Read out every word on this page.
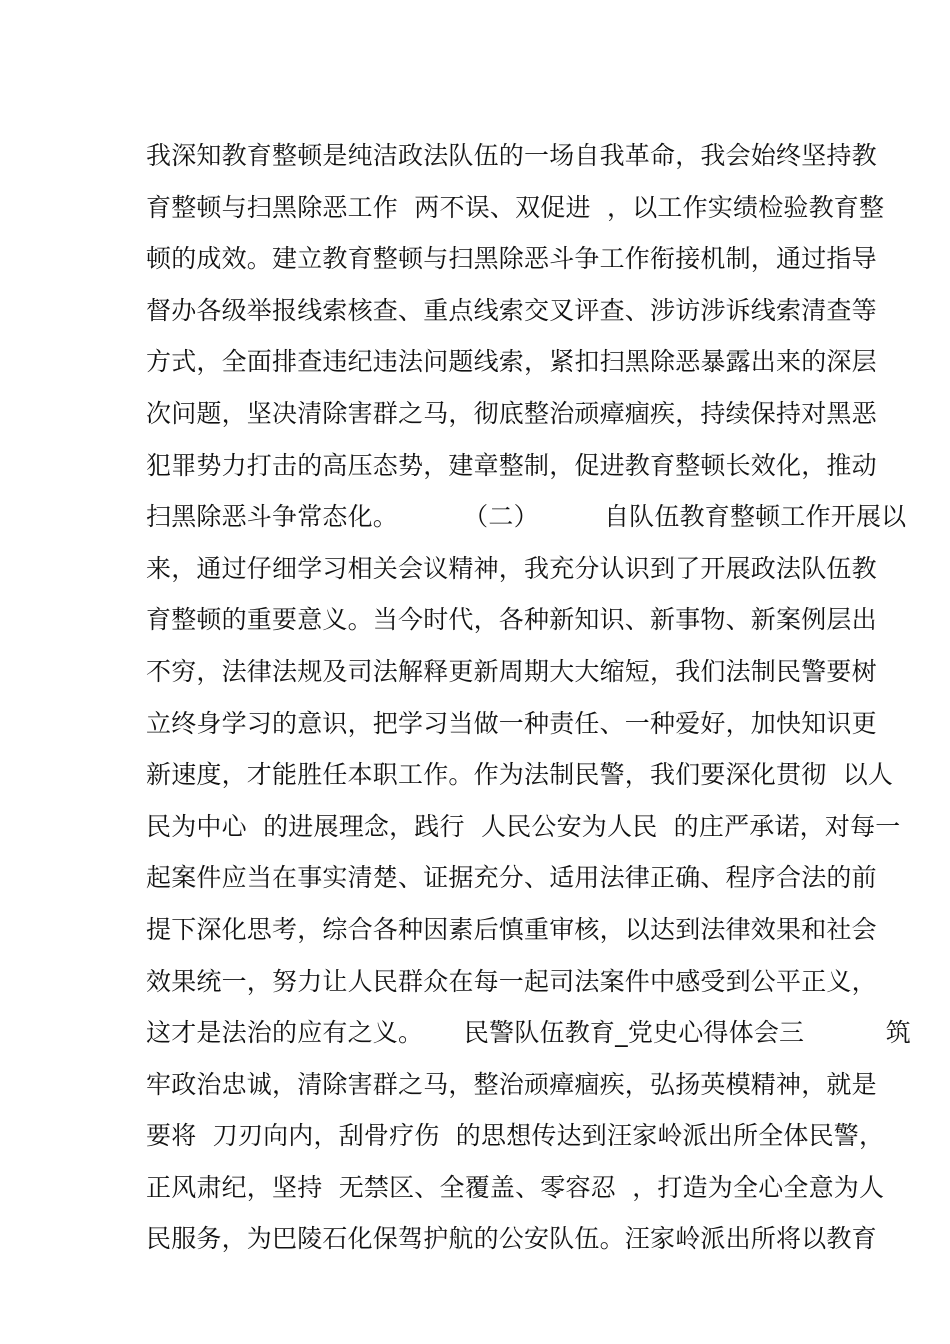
我深知教育整顿是纯洁政法队伍的一场自我革命，我会始终坚持教
育整顿与扫黑除恶工作  两不误、双促进  ，以工作实绩检验教育整
顿的成效。建立教育整顿与扫黑除恶斗争工作衔接机制，通过指导
督办各级举报线索核查、重点线索交叉评查、涉访涉诉线索清查等
方式，全面排查违纪违法问题线索，紧扣扫黑除恶暴露出来的深层
次问题，坚决清除害群之马，彻底整治顽瘴痼疾，持续保持对黑恶
犯罪势力打击的高压态势，建章整制，促进教育整顿长效化，推动
扫黑除恶斗争常态化。        （二）        自队伍教育整顿工作开展以
来，通过仔细学习相关会议精神，我充分认识到了开展政法队伍教
育整顿的重要意义。当今时代，各种新知识、新事物、新案例层出
不穷，法律法规及司法解释更新周期大大缩短，我们法制民警要树
立终身学习的意识，把学习当做一种责任、一种爱好，加快知识更
新速度，才能胜任本职工作。作为法制民警，我们要深化贯彻  以人
民为中心  的进展理念，践行  人民公安为人民  的庄严承诺，对每一
起案件应当在事实清楚、证据充分、适用法律正确、程序合法的前
提下深化思考，综合各种因素后慎重审核，以达到法律效果和社会
效果统一，努力让人民群众在每一起司法案件中感受到公平正义，
这才是法治的应有之义。     民警队伍教育_党史心得体会三          筑
牢政治忠诚，清除害群之马，整治顽瘴痼疾，弘扬英模精神，就是
要将  刀刃向内，刮骨疗伤  的思想传达到汪家岭派出所全体民警，
正风肃纪，坚持  无禁区、全覆盖、零容忍  ，打造为全心全意为人
民服务，为巴陵石化保驾护航的公安队伍。汪家岭派出所将以教育
